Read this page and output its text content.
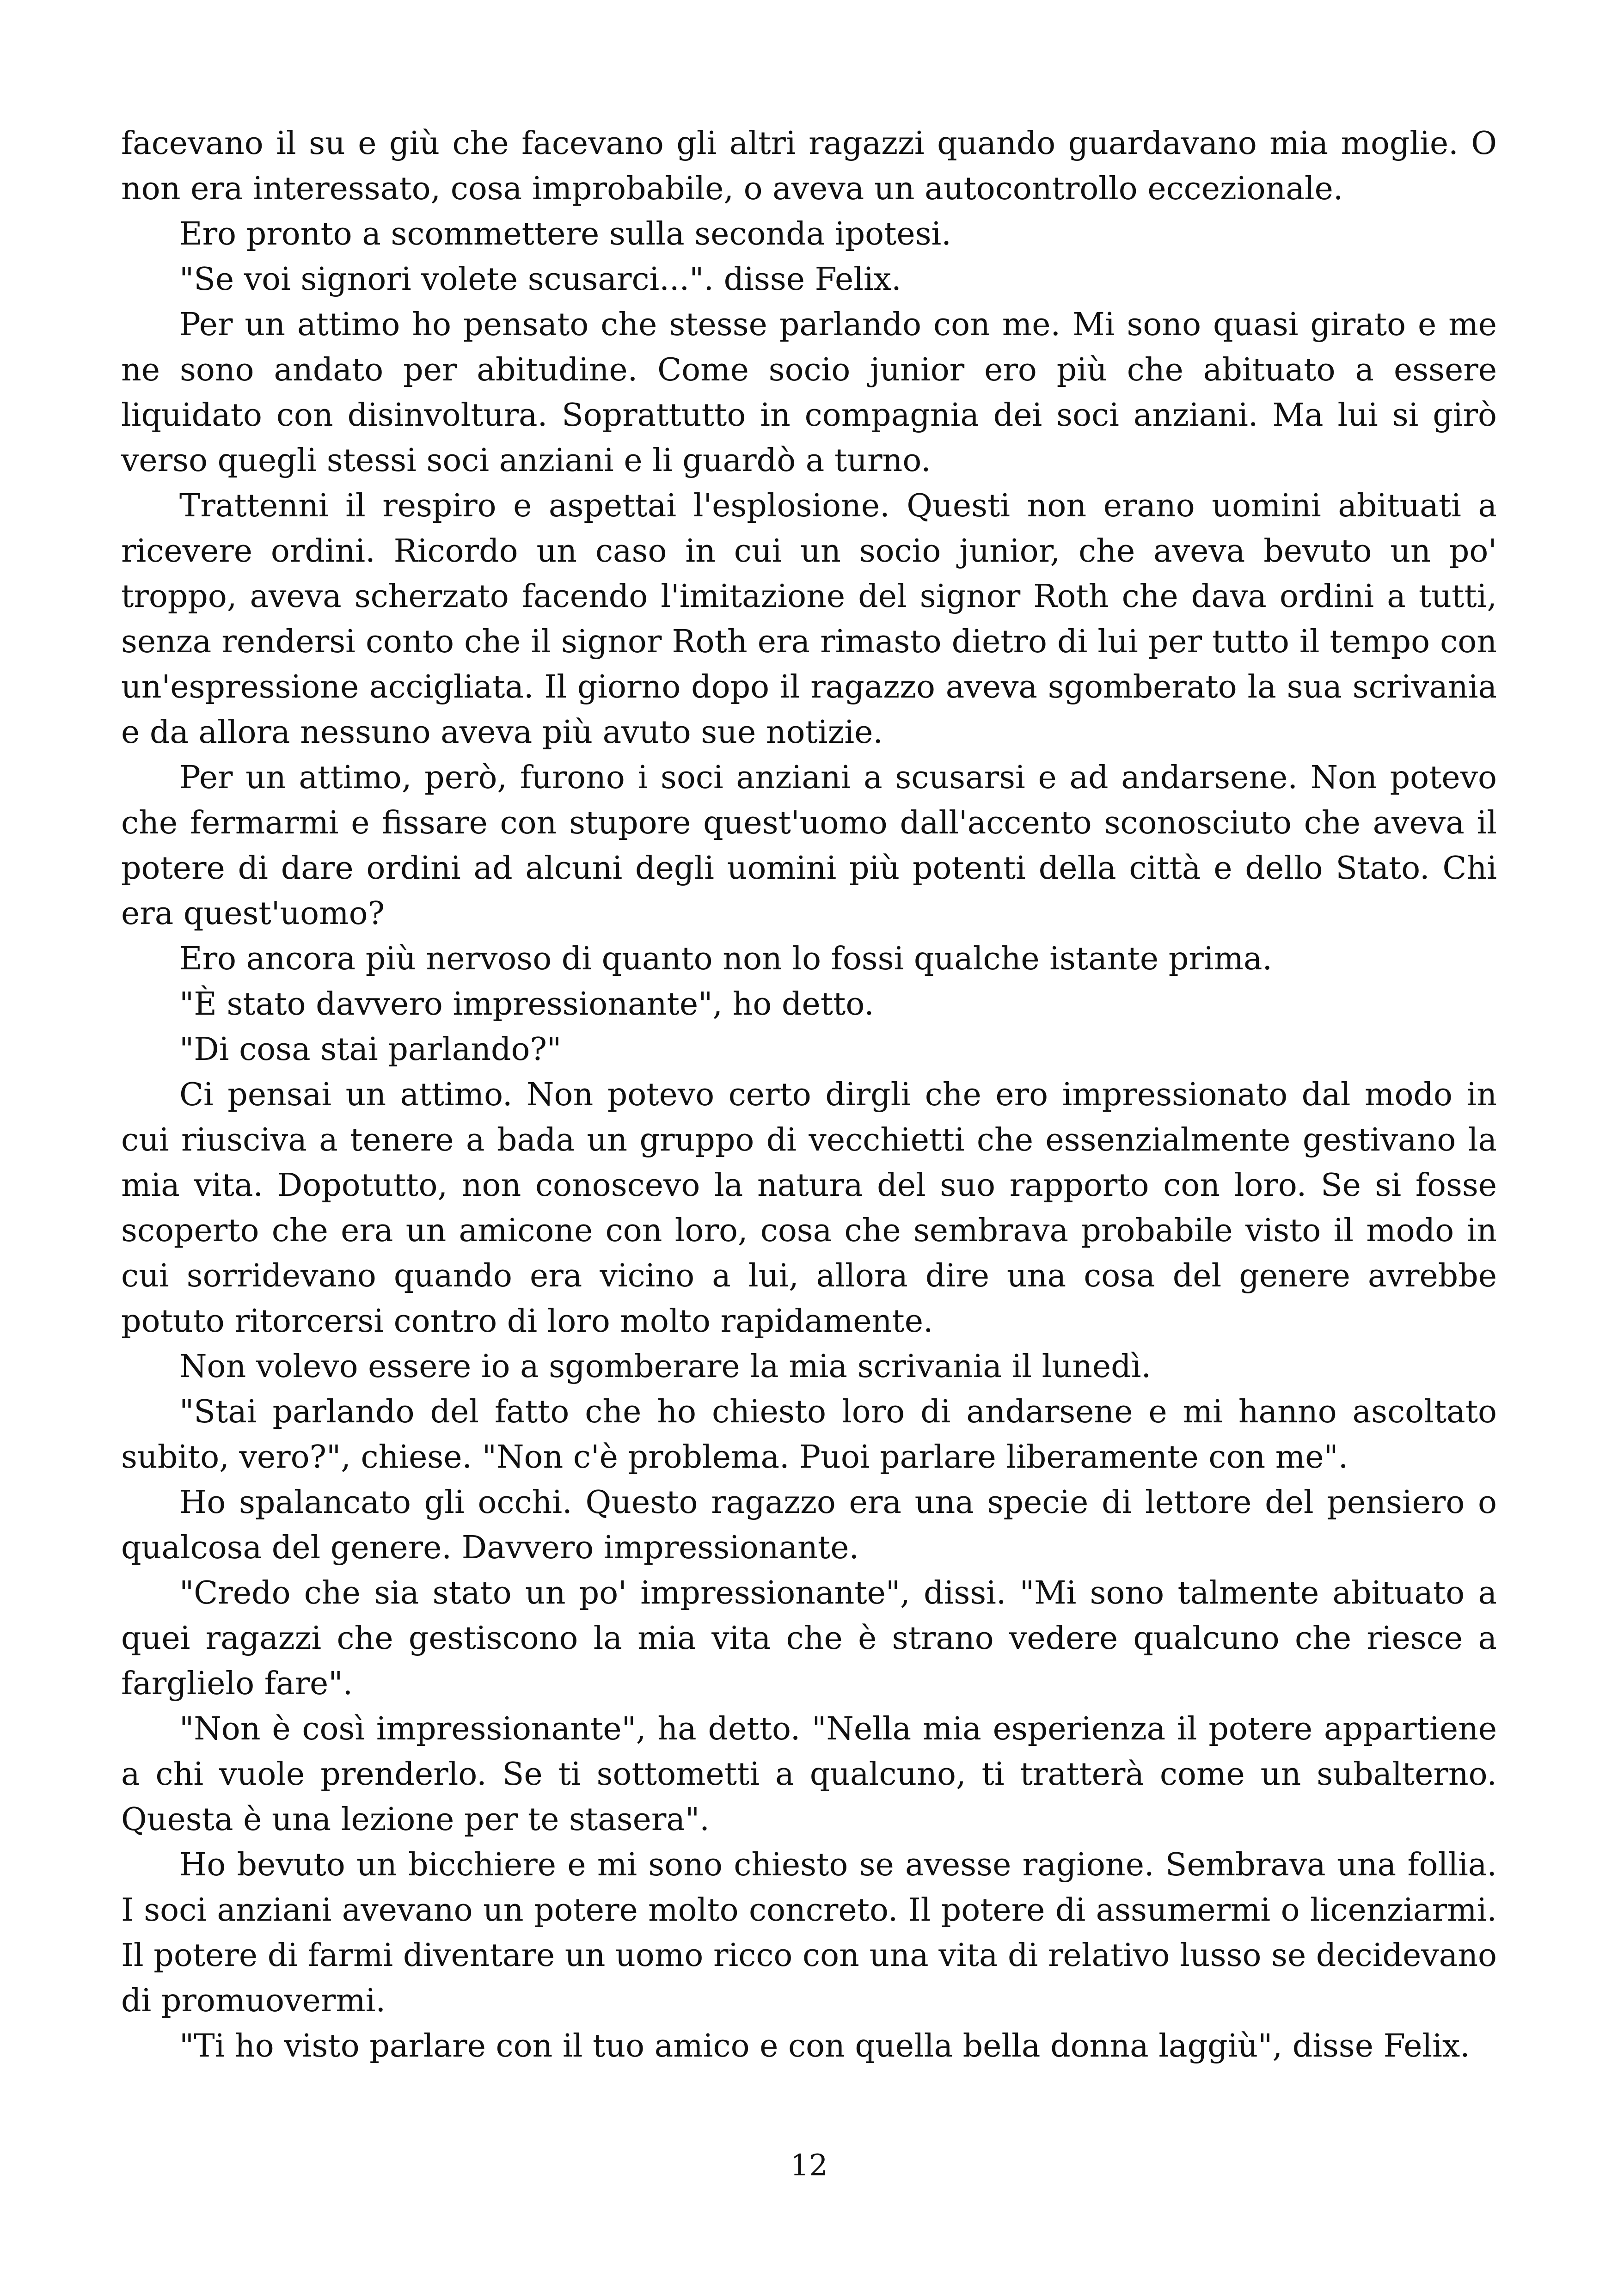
facevano il su e giù che facevano gli altri ragazzi quando guardavano mia moglie. O non era interessato, cosa improbabile, o aveva un autocontrollo eccezionale.

Ero pronto a scommettere sulla seconda ipotesi.

"Se voi signori volete scusarci...". disse Felix.

Per un attimo ho pensato che stesse parlando con me. Mi sono quasi girato e me ne sono andato per abitudine. Come socio junior ero più che abituato a essere liquidato con disinvoltura. Soprattutto in compagnia dei soci anziani. Ma lui si girò verso quegli stessi soci anziani e li guardò a turno.

Trattenni il respiro e aspettai l'esplosione. Questi non erano uomini abituati a ricevere ordini. Ricordo un caso in cui un socio junior, che aveva bevuto un po' troppo, aveva scherzato facendo l'imitazione del signor Roth che dava ordini a tutti, senza rendersi conto che il signor Roth era rimasto dietro di lui per tutto il tempo con un'espressione accigliata. Il giorno dopo il ragazzo aveva sgomberato la sua scrivania e da allora nessuno aveva più avuto sue notizie.

Per un attimo, però, furono i soci anziani a scusarsi e ad andarsene. Non potevo che fermarmi e fissare con stupore quest'uomo dall'accento sconosciuto che aveva il potere di dare ordini ad alcuni degli uomini più potenti della città e dello Stato. Chi era quest'uomo?

Ero ancora più nervoso di quanto non lo fossi qualche istante prima.

"È stato davvero impressionante", ho detto.

"Di cosa stai parlando?"

Ci pensai un attimo. Non potevo certo dirgli che ero impressionato dal modo in cui riusciva a tenere a bada un gruppo di vecchietti che essenzialmente gestivano la mia vita. Dopotutto, non conoscevo la natura del suo rapporto con loro. Se si fosse scoperto che era un amicone con loro, cosa che sembrava probabile visto il modo in cui sorridevano quando era vicino a lui, allora dire una cosa del genere avrebbe potuto ritorcersi contro di loro molto rapidamente.

Non volevo essere io a sgomberare la mia scrivania il lunedì.

"Stai parlando del fatto che ho chiesto loro di andarsene e mi hanno ascoltato subito, vero?", chiese. "Non c'è problema. Puoi parlare liberamente con me".

Ho spalancato gli occhi. Questo ragazzo era una specie di lettore del pensiero o qualcosa del genere. Davvero impressionante.

"Credo che sia stato un po' impressionante", dissi. "Mi sono talmente abituato a quei ragazzi che gestiscono la mia vita che è strano vedere qualcuno che riesce a farglielo fare".

"Non è così impressionante", ha detto. "Nella mia esperienza il potere appartiene a chi vuole prenderlo. Se ti sottometti a qualcuno, ti tratterà come un subalterno. Questa è una lezione per te stasera".

Ho bevuto un bicchiere e mi sono chiesto se avesse ragione. Sembrava una follia. I soci anziani avevano un potere molto concreto. Il potere di assumermi o licenziarmi. Il potere di farmi diventare un uomo ricco con una vita di relativo lusso se decidevano di promuovermi.

"Ti ho visto parlare con il tuo amico e con quella bella donna laggiù", disse Felix.

12
